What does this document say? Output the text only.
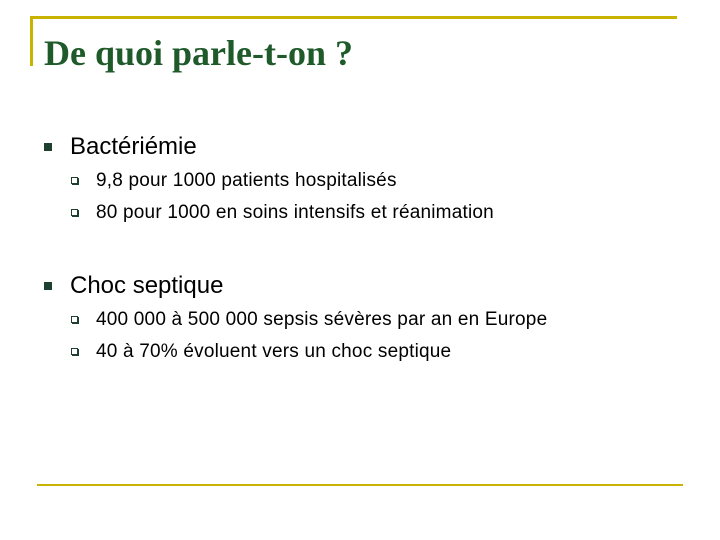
De quoi parle-t-on ?
Bactériémie
9,8 pour 1000 patients hospitalisés
80 pour 1000 en soins intensifs et réanimation
Choc septique
400 000 à 500 000 sepsis sévères par an en Europe
40 à 70% évoluent vers un choc septique
